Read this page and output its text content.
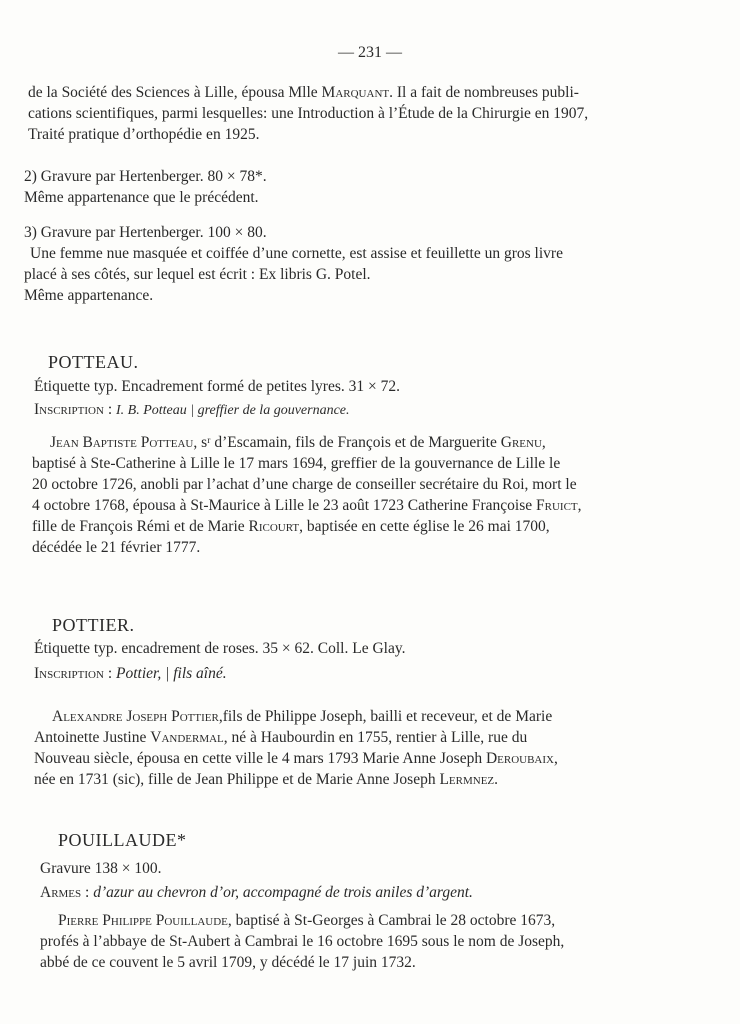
— 231 —

de la Société des Sciences à Lille, épousa Mlle Marquant. Il a fait de nombreuses publi-

cations scientifiques, parmi lesquelles: une Introduction à l’Étude de la Chirurgie en 1907,

Traité pratique d’orthopédie en 1925.

2) Gravure par Hertenberger. 80 × 78*.

Même appartenance que le précédent.

3) Gravure par Hertenberger. 100 × 80.

Une femme nue masquée et coiffée d’une cornette, est assise et feuillette un gros livre

placé à ses côtés, sur lequel est écrit : Ex libris G. Potel.

Même appartenance.

POTTEAU.

Étiquette typ. Encadrement formé de petites lyres. 31 × 72.

Inscription : I. B. Potteau | greffier de la gouvernance.

Jean Baptiste Potteau, sʳ d’Escamain, fils de François et de Marguerite Grenu,

baptisé à Ste-Catherine à Lille le 17 mars 1694, greffier de la gouvernance de Lille le

20 octobre 1726, anobli par l’achat d’une charge de conseiller secrétaire du Roi, mort le

4 octobre 1768, épousa à St-Maurice à Lille le 23 août 1723 Catherine Françoise Fruict,

fille de François Rémi et de Marie Ricourt, baptisée en cette église le 26 mai 1700,

décédée le 21 février 1777.

POTTIER.

Étiquette typ. encadrement de roses. 35 × 62. Coll. Le Glay.

Inscription : Pottier, | fils aîné.

Alexandre Joseph Pottier,fils de Philippe Joseph, bailli et receveur, et de Marie

Antoinette Justine Vandermal, né à Haubourdin en 1755, rentier à Lille, rue du

Nouveau siècle, épousa en cette ville le 4 mars 1793 Marie Anne Joseph Deroubaix,

née en 1731 (sic), fille de Jean Philippe et de Marie Anne Joseph Lermnez.

POUILLAUDE*

Gravure 138 × 100.

Armes : d’azur au chevron d’or, accompagné de trois aniles d’argent.

Pierre Philippe Pouillaude, baptisé à St-Georges à Cambrai le 28 octobre 1673,

profés à l’abbaye de St-Aubert à Cambrai le 16 octobre 1695 sous le nom de Joseph,

abbé de ce couvent le 5 avril 1709, y décédé le 17 juin 1732.
